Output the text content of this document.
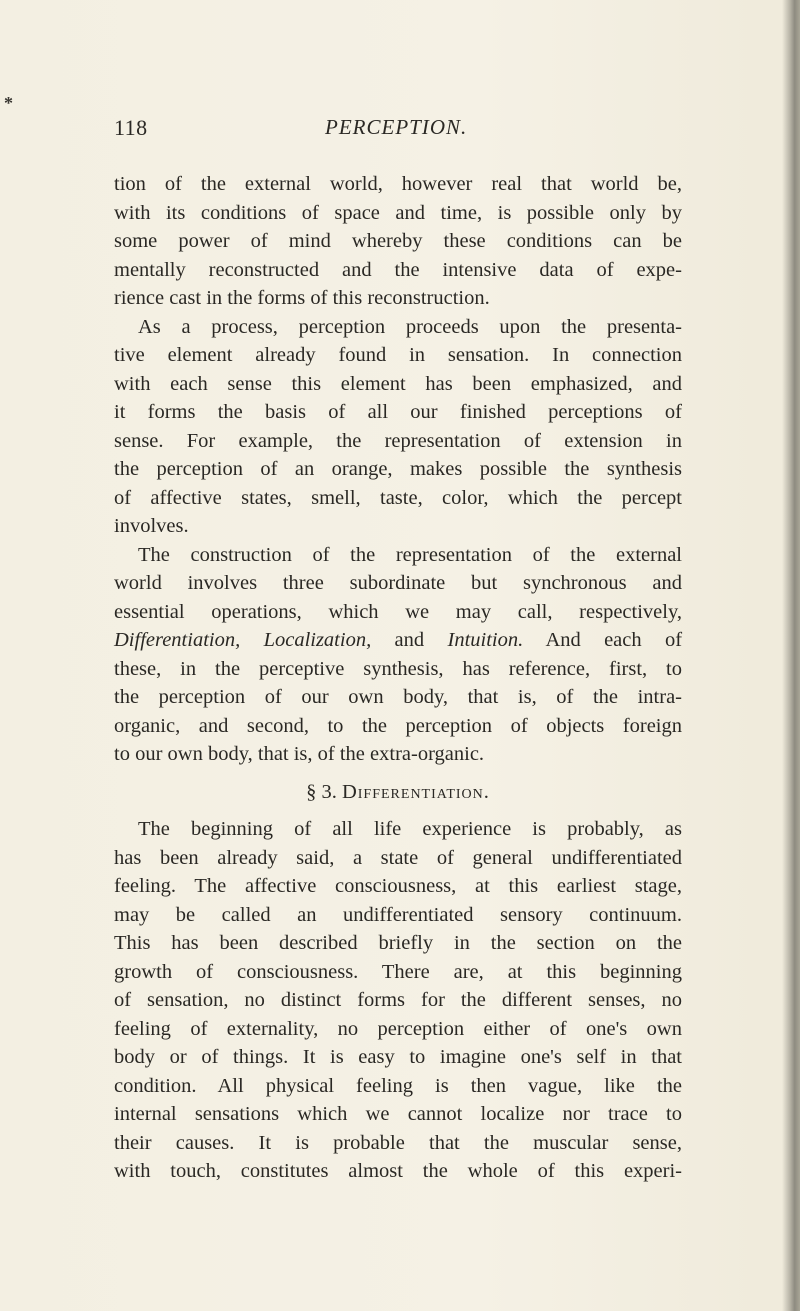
*
118	PERCEPTION.
tion of the external world, however real that world be,
with its conditions of space and time, is possible only by
some power of mind whereby these conditions can be
mentally reconstructed and the intensive data of expe-
rience cast in the forms of this reconstruction.
As a process, perception proceeds upon the presenta-
tive element already found in sensation. In connection
with each sense this element has been emphasized, and
it forms the basis of all our finished perceptions of
sense. For example, the representation of extension in
the perception of an orange, makes possible the synthesis
of affective states, smell, taste, color, which the percept
involves.
The construction of the representation of the external
world involves three subordinate but synchronous and
essential operations, which we may call, respectively,
Differentiation, Localization, and Intuition. And each of
these, in the perceptive synthesis, has reference, first, to
the perception of our own body, that is, of the intra-
organic, and second, to the perception of objects foreign
to our own body, that is, of the extra-organic.
§ 3. Differentiation.
The beginning of all life experience is probably, as
has been already said, a state of general undifferentiated
feeling. The affective consciousness, at this earliest stage,
may be called an undifferentiated sensory continuum.
This has been described briefly in the section on the
growth of consciousness. There are, at this beginning
of sensation, no distinct forms for the different senses, no
feeling of externality, no perception either of one's own
body or of things. It is easy to imagine one's self in that
condition. All physical feeling is then vague, like the
internal sensations which we cannot localize nor trace to
their causes. It is probable that the muscular sense,
with touch, constitutes almost the whole of this experi-
